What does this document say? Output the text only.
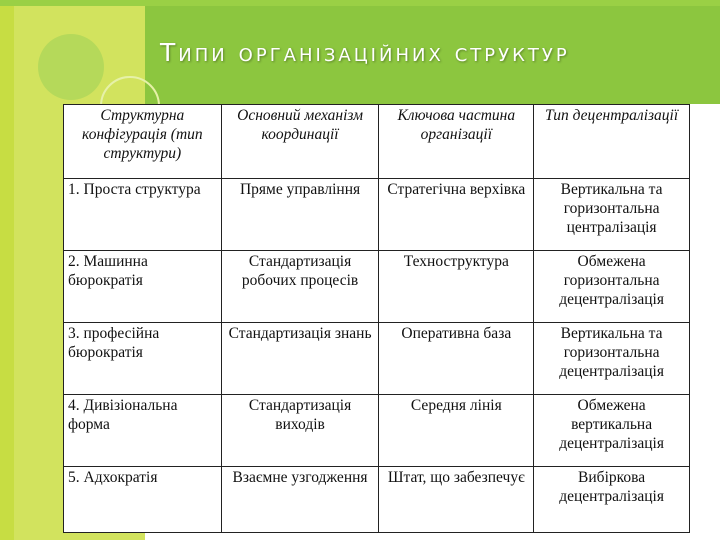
Типи організаційних структур
Структурна конфігурація (тип структури)	Основний механізм координації	Ключова частина організації	Тип децентралізації
1. Проста структура	Пряме управління	Стратегічна верхівка	Вертикальна та горизонтальна централізація
2. Машинна бюрократія	Стандартизація робочих процесів	Техноструктура	Обмежена горизонтальна децентралізація
3. професійна бюрократія	Стандартизація знань	Оперативна база	Вертикальна та горизонтальна децентралізація
4. Дивізіональна форма	Стандартизація виходів	Середня лінія	Обмежена вертикальна децентралізація
5. Адхократія	Взаємне узгодження	Штат, що забезпечує	Вибіркова децентралізація
